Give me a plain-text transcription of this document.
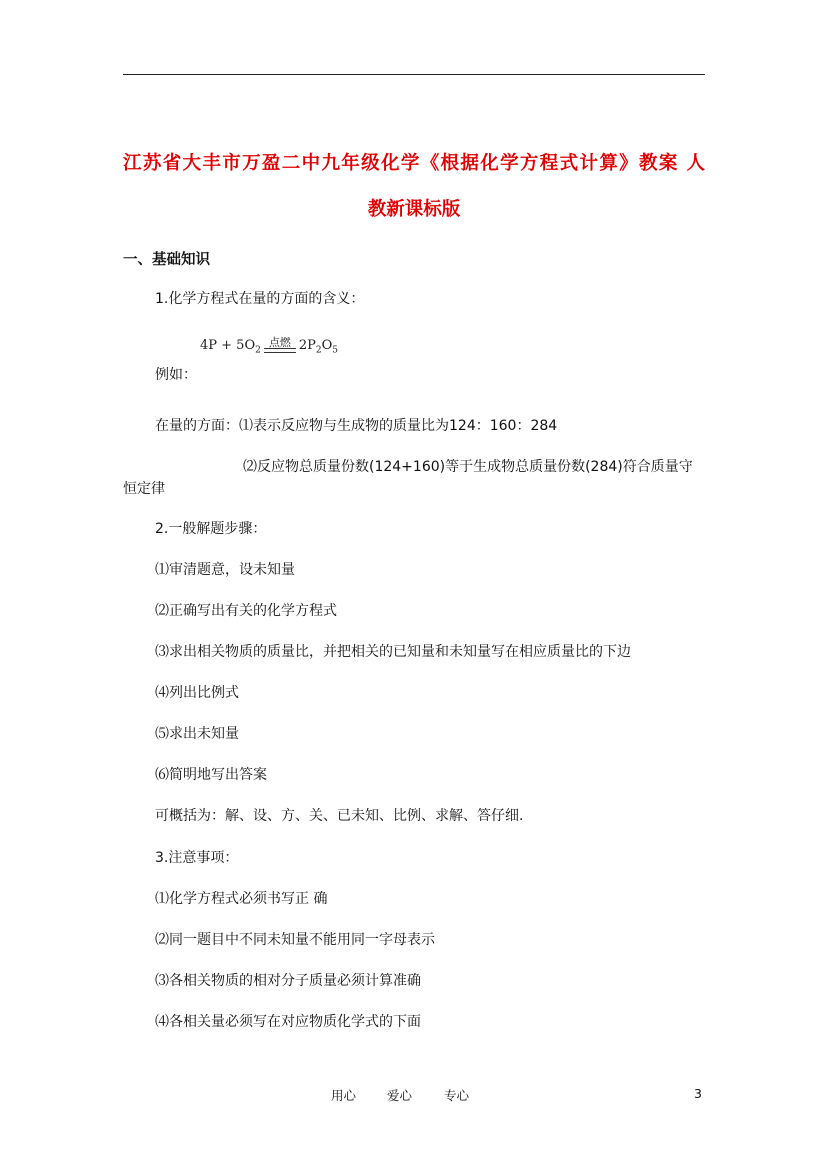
江苏省大丰市万盈二中九年级化学《根据化学方程式计算》教案 人
教新课标版
一、基础知识
1.化学方程式在量的方面的含义：
$4P + 5O_2$
点燃 $2P_2O_5$
例如：
在量的方面：⑴表示反应物与生成物的质量比为124：160：284
⑵反应物总质量份数(124+160)等于生成物总质量份数(284)符合质量守
恒定律
2.一般解题步骤：
⑴审清题意，设未知量
⑵正确写出有关的化学方程式
⑶求出相关物质的质量比，并把相关的已知量和未知量写在相应质量比的下边
⑷列出比例式
⑸求出未知量
⑹简明地写出答案
可概括为：解、设、方、关、已未知、比例、求解、答仔细.
3.注意事项：
⑴化学方程式必须书写正 确
⑵同一题目中不同未知量不能用同一字母表示
⑶各相关物质的相对分子质量必须计算准确
⑷各相关量必须写在对应物质化学式的下面
用心 爱心	专心	3
